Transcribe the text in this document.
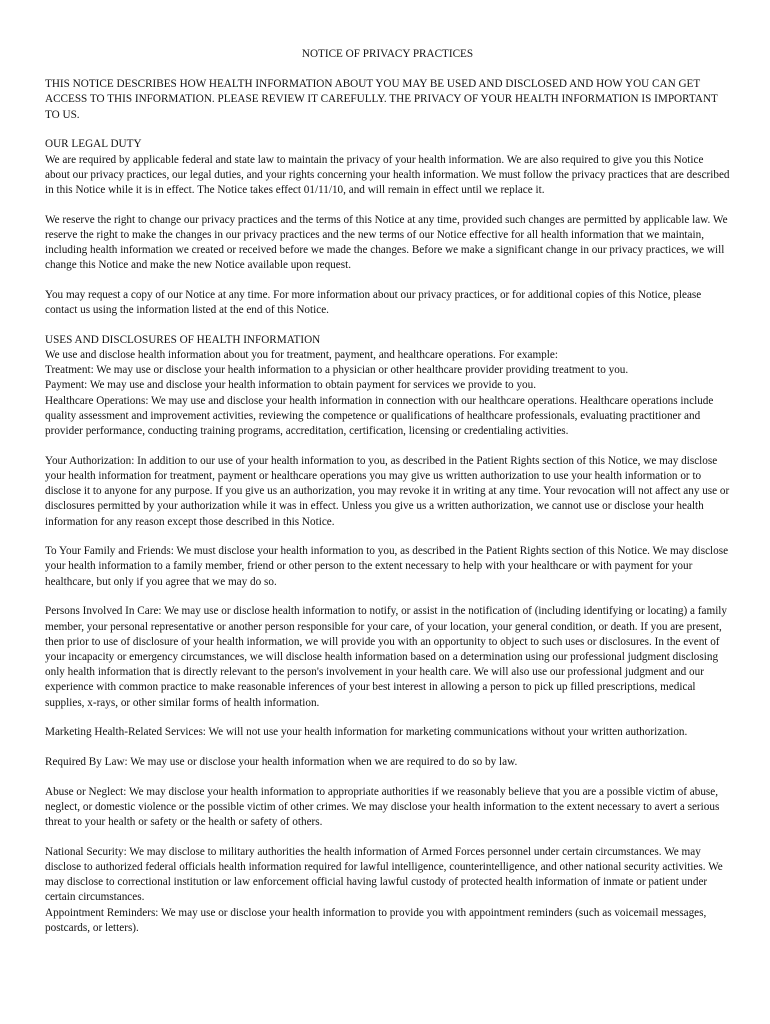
NOTICE OF PRIVACY PRACTICES

THIS NOTICE DESCRIBES HOW HEALTH INFORMATION ABOUT YOU MAY BE USED AND DISCLOSED AND HOW YOU CAN GET ACCESS TO THIS INFORMATION. PLEASE REVIEW IT CAREFULLY. THE PRIVACY OF YOUR HEALTH INFORMATION IS IMPORTANT TO US.

OUR LEGAL DUTY
We are required by applicable federal and state law to maintain the privacy of your health information. We are also required to give you this Notice about our privacy practices, our legal duties, and your rights concerning your health information. We must follow the privacy practices that are described in this Notice while it is in effect. The Notice takes effect 01/11/10, and will remain in effect until we replace it.

We reserve the right to change our privacy practices and the terms of this Notice at any time, provided such changes are permitted by applicable law. We reserve the right to make the changes in our privacy practices and the new terms of our Notice effective for all health information that we maintain, including health information we created or received before we made the changes. Before we make a significant change in our privacy practices, we will change this Notice and make the new Notice available upon request.

You may request a copy of our Notice at any time. For more information about our privacy practices, or for additional copies of this Notice, please contact us using the information listed at the end of this Notice.

USES AND DISCLOSURES OF HEALTH INFORMATION
We use and disclose health information about you for treatment, payment, and healthcare operations. For example:
Treatment: We may use or disclose your health information to a physician or other healthcare provider providing treatment to you.
Payment: We may use and disclose your health information to obtain payment for services we provide to you.
Healthcare Operations: We may use and disclose your health information in connection with our healthcare operations. Healthcare operations include quality assessment and improvement activities, reviewing the competence or qualifications of healthcare professionals, evaluating practitioner and provider performance, conducting training programs, accreditation, certification, licensing or credentialing activities.

Your Authorization: In addition to our use of your health information to you, as described in the Patient Rights section of this Notice, we may disclose your health information for treatment, payment or healthcare operations you may give us written authorization to use your health information or to disclose it to anyone for any purpose. If you give us an authorization, you may revoke it in writing at any time. Your revocation will not affect any use or disclosures permitted by your authorization while it was in effect. Unless you give us a written authorization, we cannot use or disclose your health information for any reason except those described in this Notice.

To Your Family and Friends: We must disclose your health information to you, as described in the Patient Rights section of this Notice. We may disclose your health information to a family member, friend or other person to the extent necessary to help with your healthcare or with payment for your healthcare, but only if you agree that we may do so.

Persons Involved In Care: We may use or disclose health information to notify, or assist in the notification of (including identifying or locating) a family member, your personal representative or another person responsible for your care, of your location, your general condition, or death. If you are present, then prior to use of disclosure of your health information, we will provide you with an opportunity to object to such uses or disclosures. In the event of your incapacity or emergency circumstances, we will disclose health information based on a determination using our professional judgment disclosing only health information that is directly relevant to the person's involvement in your health care. We will also use our professional judgment and our experience with common practice to make reasonable inferences of your best interest in allowing a person to pick up filled prescriptions, medical supplies, x-rays, or other similar forms of health information.

Marketing Health-Related Services: We will not use your health information for marketing communications without your written authorization.

Required By Law: We may use or disclose your health information when we are required to do so by law.

Abuse or Neglect: We may disclose your health information to appropriate authorities if we reasonably believe that you are a possible victim of abuse, neglect, or domestic violence or the possible victim of other crimes. We may disclose your health information to the extent necessary to avert a serious threat to your health or safety or the health or safety of others.

National Security: We may disclose to military authorities the health information of Armed Forces personnel under certain circumstances. We may disclose to authorized federal officials health information required for lawful intelligence, counterintelligence, and other national security activities. We may disclose to correctional institution or law enforcement official having lawful custody of protected health information of inmate or patient under certain circumstances.
Appointment Reminders: We may use or disclose your health information to provide you with appointment reminders (such as voicemail messages, postcards, or letters).
